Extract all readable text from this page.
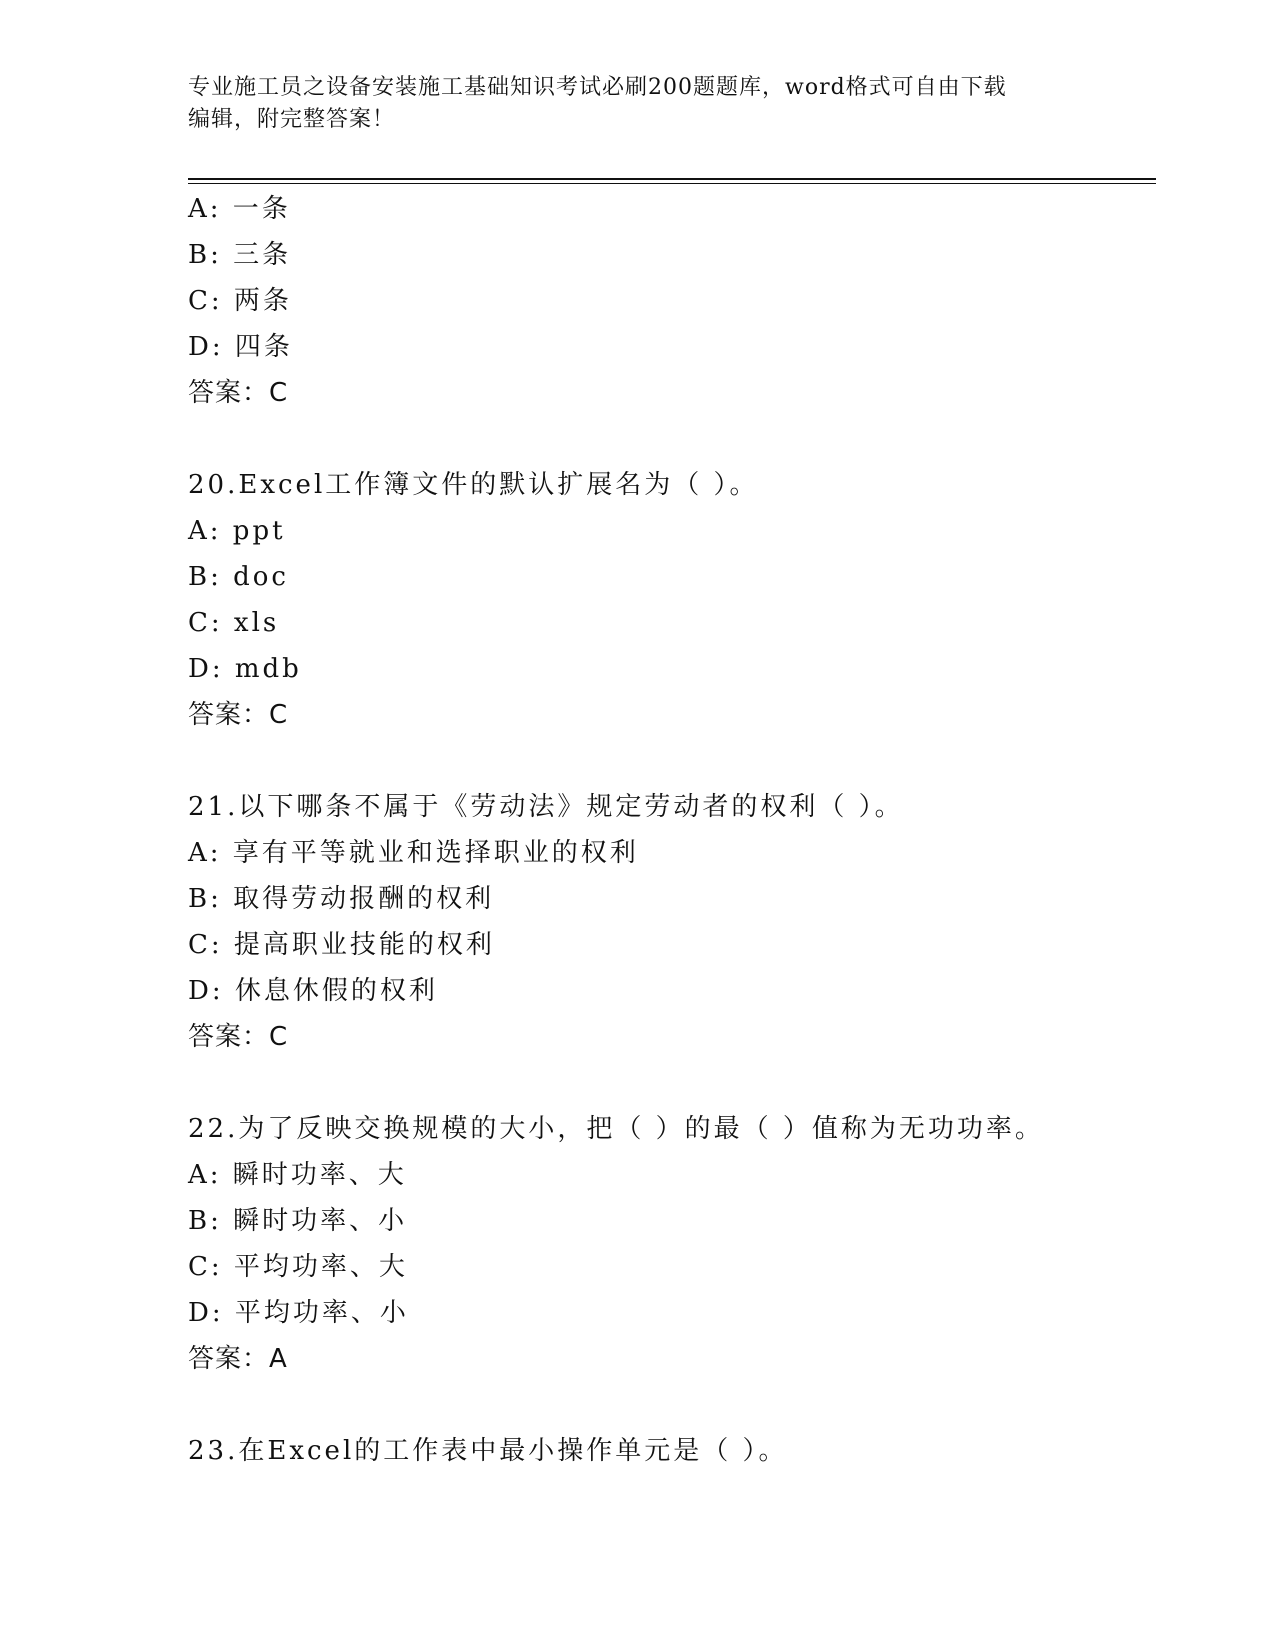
专业施工员之设备安装施工基础知识考试必刷200题题库，word格式可自由下载
编辑，附完整答案！
A: 一条
B: 三条
C: 两条
D: 四条
答案：C
20.Excel工作簿文件的默认扩展名为（ ）。
A: ppt
B: doc
C: xls
D: mdb
答案：C
21.以下哪条不属于《劳动法》规定劳动者的权利（ ）。
A: 享有平等就业和选择职业的权利
B: 取得劳动报酬的权利
C: 提高职业技能的权利
D: 休息休假的权利
答案：C
22.为了反映交换规模的大小，把（ ）的最（ ）值称为无功功率。
A: 瞬时功率、大
B: 瞬时功率、小
C: 平均功率、大
D: 平均功率、小
答案：A
23.在Excel的工作表中最小操作单元是（ ）。
